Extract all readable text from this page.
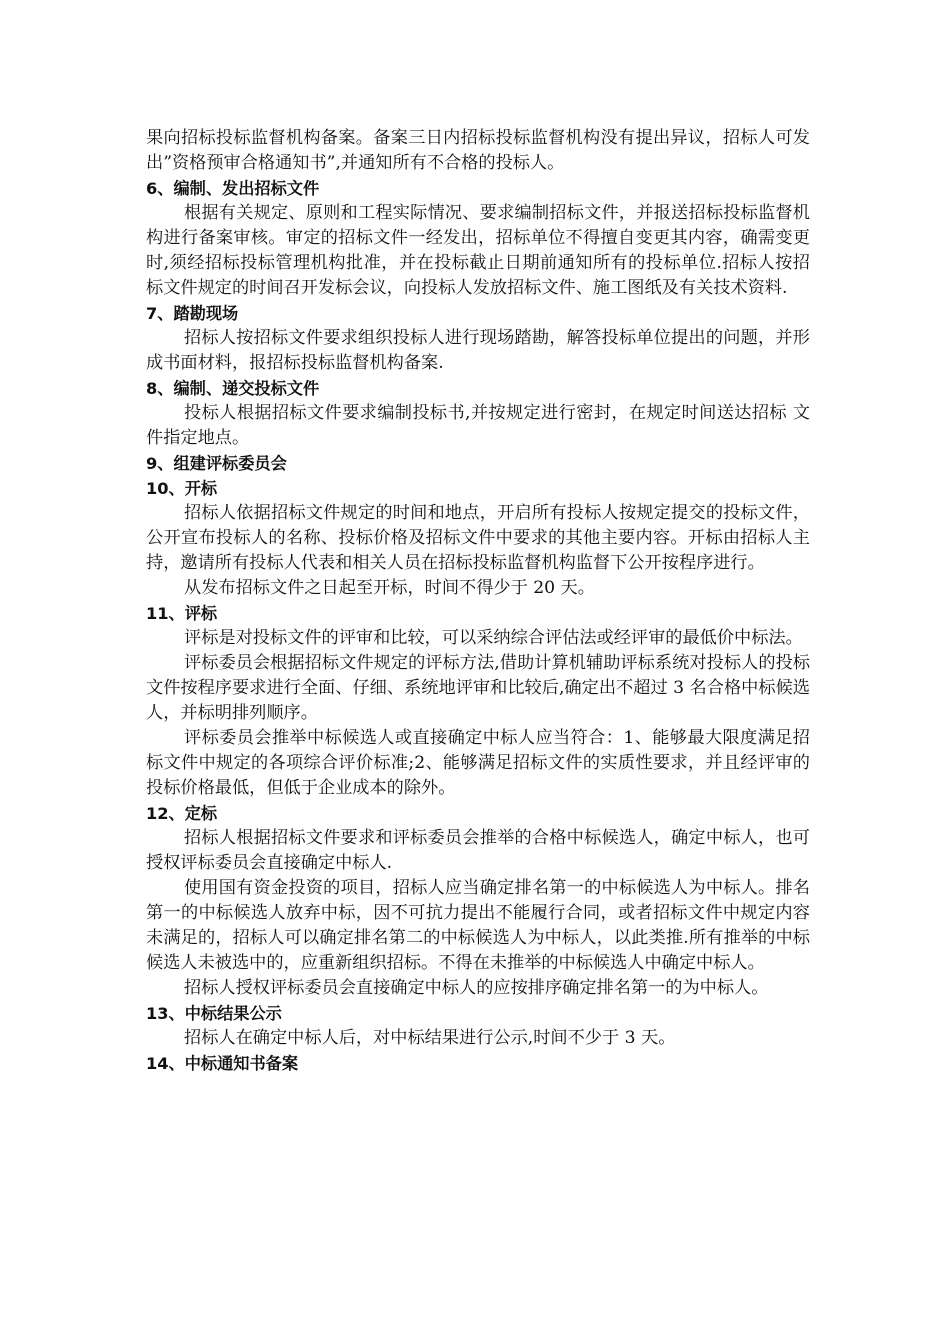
果向招标投标监督机构备案。备案三日内招标投标监督机构没有提出异议，招标人可发出”资格预审合格通知书”,并通知所有不合格的投标人。

6、编制、发出招标文件

根据有关规定、原则和工程实际情况、要求编制招标文件，并报送招标投标监督机构进行备案审核。审定的招标文件一经发出，招标单位不得擅自变更其内容，确需变更时,须经招标投标管理机构批准，并在投标截止日期前通知所有的投标单位.招标人按招标文件规定的时间召开发标会议，向投标人发放招标文件、施工图纸及有关技术资料.

7、踏勘现场

招标人按招标文件要求组织投标人进行现场踏勘，解答投标单位提出的问题，并形成书面材料，报招标投标监督机构备案.

8、编制、递交投标文件

投标人根据招标文件要求编制投标书,并按规定进行密封，在规定时间送达招标 文件指定地点。

9、组建评标委员会
10、开标

招标人依据招标文件规定的时间和地点，开启所有投标人按规定提交的投标文件，公开宣布投标人的名称、投标价格及招标文件中要求的其他主要内容。开标由招标人主持，邀请所有投标人代表和相关人员在招标投标监督机构监督下公开按程序进行。

从发布招标文件之日起至开标，时间不得少于 20 天。

11、评标

评标是对投标文件的评审和比较，可以采纳综合评估法或经评审的最低价中标法。

评标委员会根据招标文件规定的评标方法,借助计算机辅助评标系统对投标人的投标文件按程序要求进行全面、仔细、系统地评审和比较后,确定出不超过 3 名合格中标候选人，并标明排列顺序。

评标委员会推举中标候选人或直接确定中标人应当符合：1、能够最大限度满足招标文件中规定的各项综合评价标准;2、能够满足招标文件的实质性要求，并且经评审的投标价格最低，但低于企业成本的除外。

12、定标

招标人根据招标文件要求和评标委员会推举的合格中标候选人，确定中标人，也可授权评标委员会直接确定中标人.

使用国有资金投资的项目，招标人应当确定排名第一的中标候选人为中标人。排名第一的中标候选人放弃中标，因不可抗力提出不能履行合同，或者招标文件中规定内容未满足的，招标人可以确定排名第二的中标候选人为中标人，以此类推.所有推举的中标候选人未被选中的，应重新组织招标。不得在未推举的中标候选人中确定中标人。

招标人授权评标委员会直接确定中标人的应按排序确定排名第一的为中标人。

13、中标结果公示

招标人在确定中标人后，对中标结果进行公示,时间不少于 3 天。

14、中标通知书备案
